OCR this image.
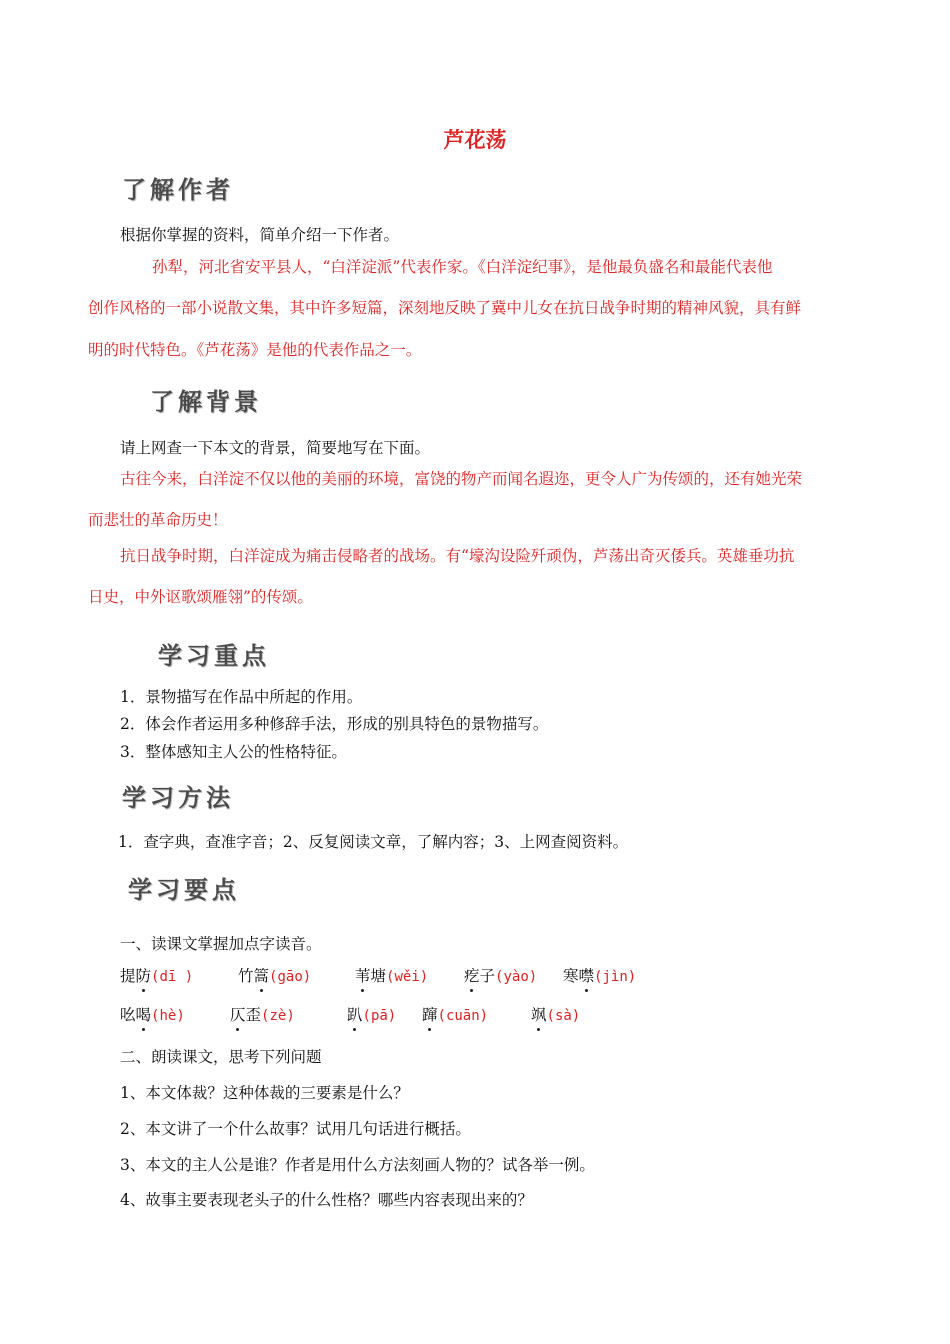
芦花荡
了解作者
根据你掌握的资料，简单介绍一下作者。
孙犁，河北省安平县人，“白洋淀派”代表作家。《白洋淀纪事》，是他最负盛名和最能代表他
创作风格的一部小说散文集，其中许多短篇，深刻地反映了冀中儿女在抗日战争时期的精神风貌，具有鲜
明的时代特色。《芦花荡》是他的代表作品之一。
了解背景
请上网查一下本文的背景，简要地写在下面。
古往今来，白洋淀不仅以他的美丽的环境，富饶的物产而闻名遐迩，更令人广为传颂的，还有她光荣
而悲壮的革命历史！
抗日战争时期，白洋淀成为痛击侵略者的战场。有“壕沟设险歼顽伪，芦荡出奇灭倭兵。英雄垂功抗
日史，中外讴歌颂雁翎”的传颂。
学习重点
1．景物描写在作品中所起的作用。
2．体会作者运用多种修辞手法，形成的别具特色的景物描写。
3．整体感知主人公的性格特征。
学习方法
1．查字典，查准字音；2、反复阅读文章，了解内容；3、上网查阅资料。
学习要点
一、读课文掌握加点字读音。
提防(dī )	竹篙(gāo)	苇塘(wěi) 疙子(yào) 寒噤(jìn)
吆喝(hè)	仄歪(zè)	趴(pā) 蹿(cuān)	飒(sà)
二、朗读课文，思考下列问题
1、本文体裁？这种体裁的三要素是什么？
2、本文讲了一个什么故事？试用几句话进行概括。
3、本文的主人公是谁？作者是用什么方法刻画人物的？试各举一例。
4、故事主要表现老头子的什么性格？哪些内容表现出来的？
